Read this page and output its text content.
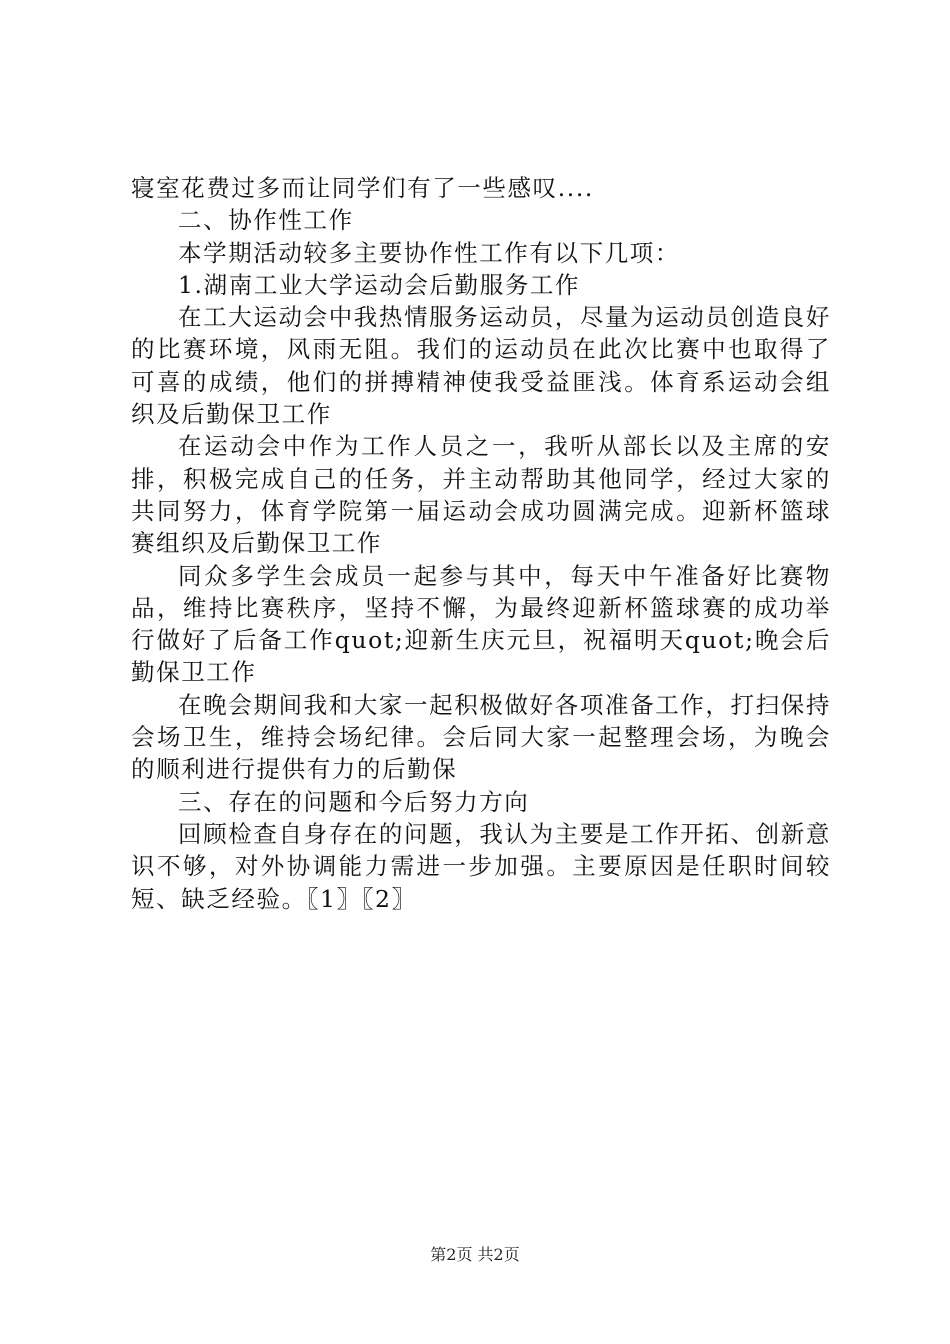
寝室花费过多而让同学们有了一些感叹....

二、协作性工作

本学期活动较多主要协作性工作有以下几项：

1.湖南工业大学运动会后勤服务工作

在工大运动会中我热情服务运动员，尽量为运动员创造良好的比赛环境，风雨无阻。我们的运动员在此次比赛中也取得了可喜的成绩，他们的拼搏精神使我受益匪浅。体育系运动会组织及后勤保卫工作

在运动会中作为工作人员之一，我听从部长以及主席的安排，积极完成自己的任务，并主动帮助其他同学，经过大家的共同努力，体育学院第一届运动会成功圆满完成。迎新杯篮球赛组织及后勤保卫工作

同众多学生会成员一起参与其中，每天中午准备好比赛物品，维持比赛秩序，坚持不懈，为最终迎新杯篮球赛的成功举行做好了后备工作quot;迎新生庆元旦，祝福明天quot;晚会后勤保卫工作

在晚会期间我和大家一起积极做好各项准备工作，打扫保持会场卫生，维持会场纪律。会后同大家一起整理会场，为晚会的顺利进行提供有力的后勤保

三、存在的问题和今后努力方向

回顾检查自身存在的问题，我认为主要是工作开拓、创新意识不够，对外协调能力需进一步加强。主要原因是任职时间较短、缺乏经验。〖1〗〖2〗

第2页 共2页
